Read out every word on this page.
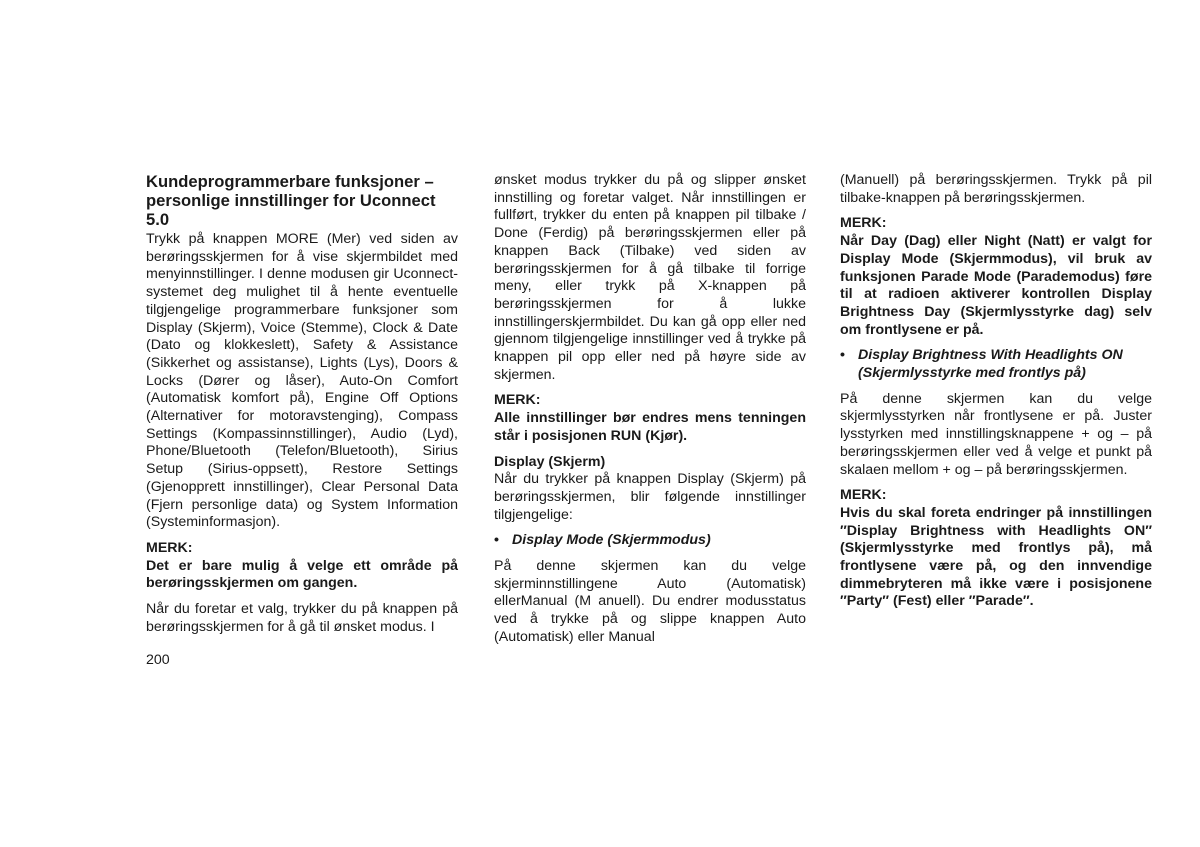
Kundeprogrammerbare funksjoner – personlige innstillinger for Uconnect 5.0

Trykk på knappen MORE (Mer) ved siden av berøringsskjermen for å vise skjermbildet med menyinnstillinger. I denne modusen gir Uconnect-systemet deg mulighet til å hente eventuelle tilgjengelige programmerbare funksjoner som Display (Skjerm), Voice (Stemme), Clock & Date (Dato og klokkeslett), Safety & Assistance (Sikkerhet og assistanse), Lights (Lys), Doors & Locks (Dører og låser), Auto-On Comfort (Automatisk komfort på), Engine Off Options (Alternativer for motoravstenging), Compass Settings (Kompassinnstillinger), Audio (Lyd), Phone/Bluetooth (Telefon/Bluetooth), Sirius Setup (Sirius-oppsett), Restore Settings (Gjenopprett innstillinger), Clear Personal Data (Fjern personlige data) og System Information (Systeminformasjon).

MERK:

Det er bare mulig å velge ett område på berøringsskjermen om gangen.

Når du foretar et valg, trykker du på knappen på berøringsskjermen for å gå til ønsket modus. I

ønsket modus trykker du på og slipper ønsket innstilling og foretar valget. Når innstillingen er fullført, trykker du enten på knappen pil tilbake / Done (Ferdig) på berøringsskjermen eller på knappen Back (Tilbake) ved siden av berøringsskjermen for å gå tilbake til forrige meny, eller trykk på X-knappen på berøringsskjermen for å lukke innstillingerskjermbildet. Du kan gå opp eller ned gjennom tilgjengelige innstillinger ved å trykke på knappen pil opp eller ned på høyre side av skjermen.

MERK:

Alle innstillinger bør endres mens tenningen står i posisjonen RUN (Kjør).

Display (Skjerm)

Når du trykker på knappen Display (Skjerm) på berøringsskjermen, blir følgende innstillinger tilgjengelige:

• Display Mode (Skjermmodus)

På denne skjermen kan du velge skjerminnstillingene Auto (Automatisk) ellerManual (M anuell). Du endrer modusstatus ved å trykke på og slippe knappen Auto (Automatisk) eller Manual

(Manuell) på berøringsskjermen. Trykk på pil tilbake-knappen på berøringsskjermen.

MERK:

Når Day (Dag) eller Night (Natt) er valgt for Display Mode (Skjermmodus), vil bruk av funksjonen Parade Mode (Parademodus) føre til at radioen aktiverer kontrollen Display Brightness Day (Skjermlysstyrke dag) selv om frontlysene er på.

• Display Brightness With Headlights ON (Skjermlysstyrke med frontlys på)

På denne skjermen kan du velge skjermlysstyrken når frontlysene er på. Juster lysstyrken med innstillingsknappene + og – på berøringsskjermen eller ved å velge et punkt på skalaen mellom + og – på berøringsskjermen.

MERK:

Hvis du skal foreta endringer på innstillingen ″Display Brightness with Headlights ON″ (Skjermlysstyrke med frontlys på), må frontlysene være på, og den innvendige dimmebryteren må ikke være i posisjonene ″Party″ (Fest) eller ″Parade″.

200
